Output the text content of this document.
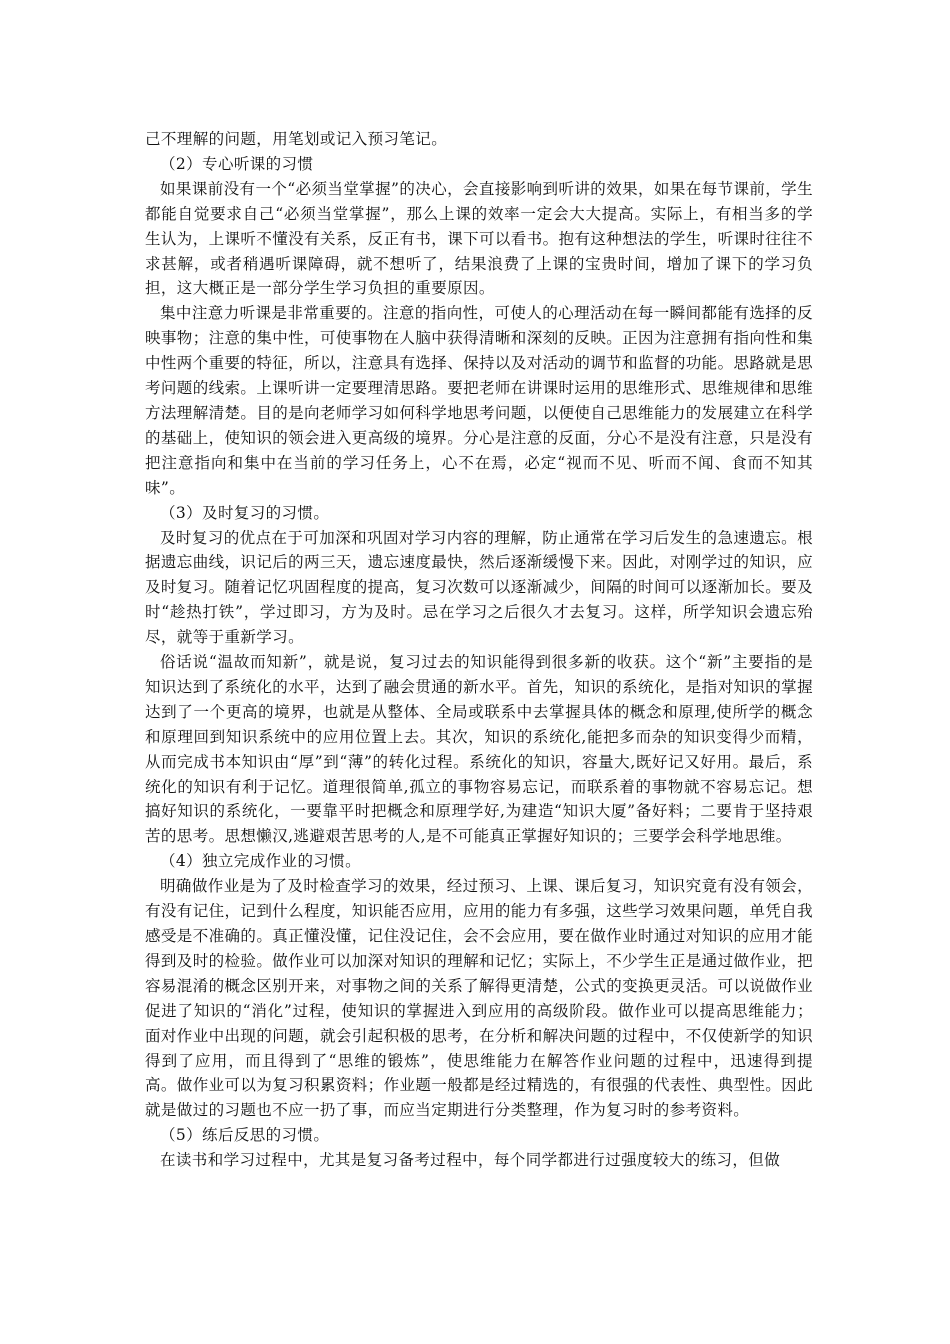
己不理解的问题，用笔划或记入预习笔记。

（2）专心听课的习惯

如果课前没有一个“必须当堂掌握”的决心，会直接影响到听讲的效果，如果在每节课前，学生都能自觉要求自己“必须当堂掌握”，那么上课的效率一定会大大提高。实际上，有相当多的学生认为，上课听不懂没有关系，反正有书，课下可以看书。抱有这种想法的学生，听课时往往不求甚解，或者稍遇听课障碍，就不想听了，结果浪费了上课的宝贵时间，增加了课下的学习负担，这大概正是一部分学生学习负担的重要原因。

集中注意力听课是非常重要的。注意的指向性，可使人的心理活动在每一瞬间都能有选择的反映事物；注意的集中性，可使事物在人脑中获得清晰和深刻的反映。正因为注意拥有指向性和集中性两个重要的特征，所以，注意具有选择、保持以及对活动的调节和监督的功能。思路就是思考问题的线索。上课听讲一定要理清思路。要把老师在讲课时运用的思维形式、思维规律和思维方法理解清楚。目的是向老师学习如何科学地思考问题，以便使自己思维能力的发展建立在科学的基础上，使知识的领会进入更高级的境界。分心是注意的反面，分心不是没有注意，只是没有把注意指向和集中在当前的学习任务上，心不在焉，必定“视而不见、听而不闻、食而不知其味”。

（3）及时复习的习惯。

及时复习的优点在于可加深和巩固对学习内容的理解，防止通常在学习后发生的急速遗忘。根据遗忘曲线，识记后的两三天，遗忘速度最快，然后逐渐缓慢下来。因此，对刚学过的知识，应及时复习。随着记忆巩固程度的提高，复习次数可以逐渐减少，间隔的时间可以逐渐加长。要及时“趁热打铁”，学过即习，方为及时。忌在学习之后很久才去复习。这样，所学知识会遗忘殆尽，就等于重新学习。

俗话说“温故而知新”，就是说，复习过去的知识能得到很多新的收获。这个“新”主要指的是知识达到了系统化的水平，达到了融会贯通的新水平。首先，知识的系统化，是指对知识的掌握达到了一个更高的境界，也就是从整体、全局或联系中去掌握具体的概念和原理,使所学的概念和原理回到知识系统中的应用位置上去。其次，知识的系统化,能把多而杂的知识变得少而精，从而完成书本知识由“厚”到“薄”的转化过程。系统化的知识，容量大,既好记又好用。最后，系统化的知识有利于记忆。道理很简单,孤立的事物容易忘记，而联系着的事物就不容易忘记。想搞好知识的系统化，一要靠平时把概念和原理学好,为建造“知识大厦”备好料；二要肯于坚持艰苦的思考。思想懒汉,逃避艰苦思考的人,是不可能真正掌握好知识的；三要学会科学地思维。

（4）独立完成作业的习惯。

明确做作业是为了及时检查学习的效果，经过预习、上课、课后复习，知识究竟有没有领会，有没有记住，记到什么程度，知识能否应用，应用的能力有多强，这些学习效果问题，单凭自我感受是不准确的。真正懂没懂，记住没记住，会不会应用，要在做作业时通过对知识的应用才能得到及时的检验。做作业可以加深对知识的理解和记忆；实际上，不少学生正是通过做作业，把容易混淆的概念区别开来，对事物之间的关系了解得更清楚，公式的变换更灵活。可以说做作业促进了知识的“消化”过程，使知识的掌握进入到应用的高级阶段。做作业可以提高思维能力；面对作业中出现的问题，就会引起积极的思考，在分析和解决问题的过程中，不仅使新学的知识得到了应用，而且得到了“思维的锻炼”，使思维能力在解答作业问题的过程中，迅速得到提高。做作业可以为复习积累资料；作业题一般都是经过精选的，有很强的代表性、典型性。因此就是做过的习题也不应一扔了事，而应当定期进行分类整理，作为复习时的参考资料。

（5）练后反思的习惯。

在读书和学习过程中，尤其是复习备考过程中，每个同学都进行过强度较大的练习，但做
